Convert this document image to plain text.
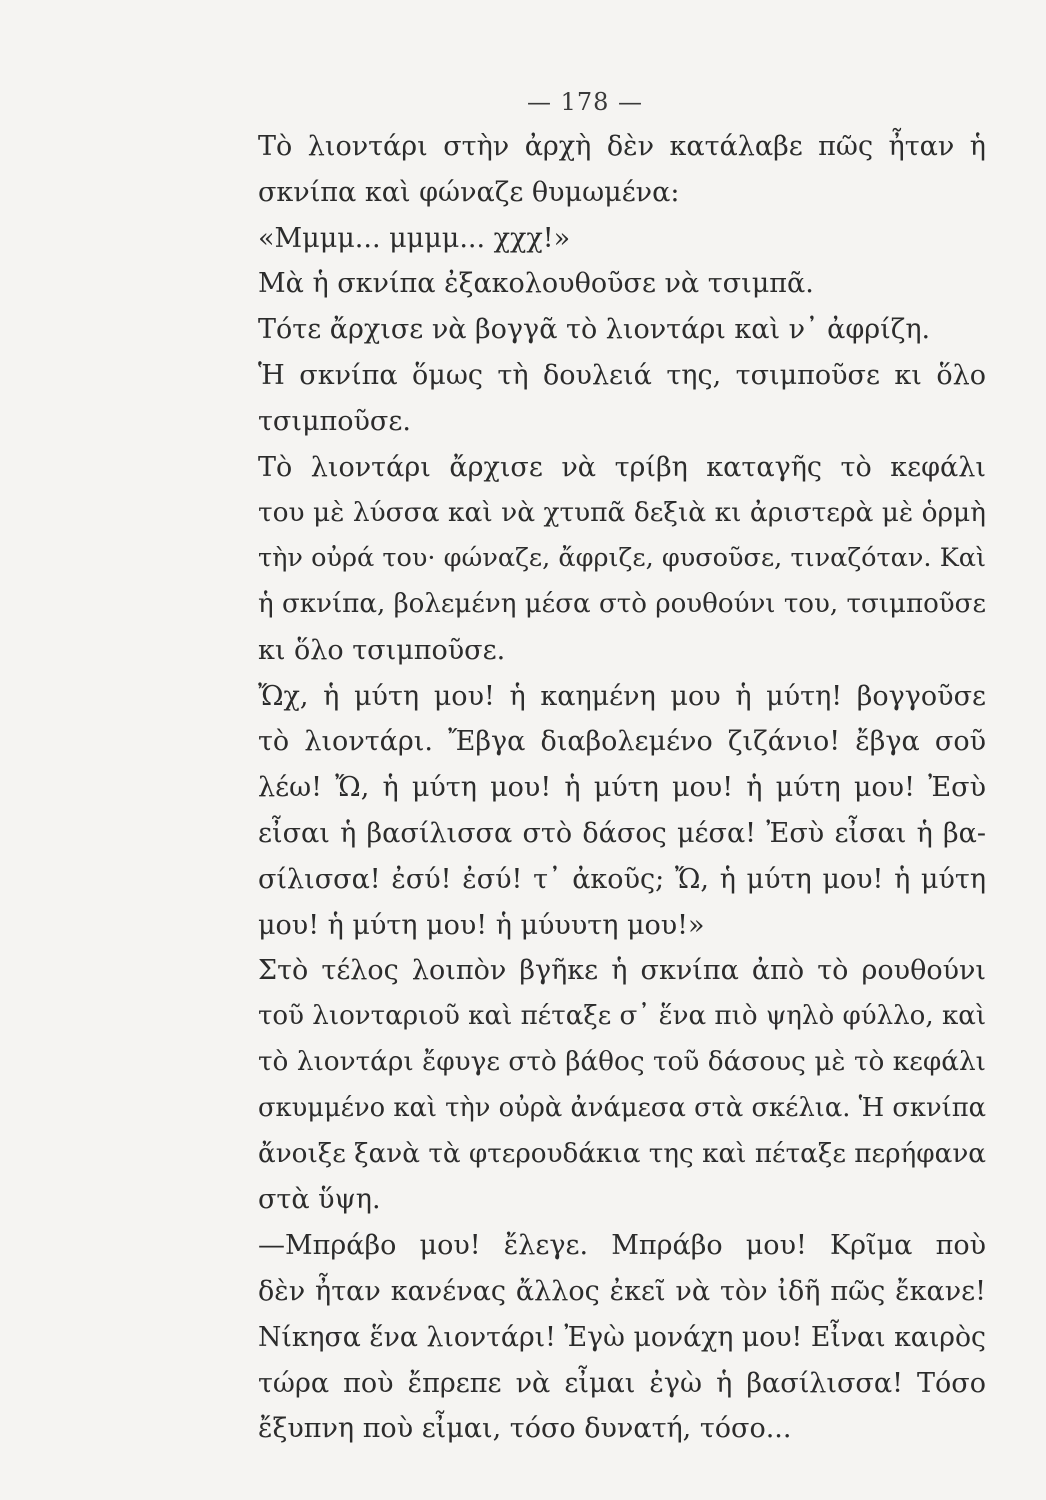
— 178 —
Τὸ λιοντάρι στὴν ἀρχὴ δὲν κατάλαβε πῶς ἦταν ἡ
σκνίπα καὶ φώναζε θυμωμένα:
«Μμμμ... μμμμ... χχχ!»
Μὰ ἡ σκνίπα ἐξακολουθοῦσε νὰ τσιμπᾶ.
Τότε ἄρχισε νὰ βογγᾶ τὸ λιοντάρι καὶ ν᾽ ἀφρίζη.
Ἡ σκνίπα ὅμως τὴ δουλειά της, τσιμποῦσε κι ὅλο
τσιμποῦσε.
Τὸ λιοντάρι ἄρχισε νὰ τρίβη καταγῆς τὸ κεφάλι
του μὲ λύσσα καὶ νὰ χτυπᾶ δεξιὰ κι ἀριστερὰ μὲ ὁρμὴ
τὴν οὐρά του· φώναζε, ἄφριζε, φυσοῦσε, τιναζόταν. Καὶ
ἡ σκνίπα, βολεμένη μέσα στὸ ρουθούνι του, τσιμποῦσε
κι ὅλο τσιμποῦσε.
Ὤχ, ἡ μύτη μου! ἡ καημένη μου ἡ μύτη! βογγοῦσε
τὸ λιοντάρι. Ἔβγα διαβολεμένο ζιζάνιο! ἔβγα σοῦ
λέω! Ὤ, ἡ μύτη μου! ἡ μύτη μου! ἡ μύτη μου! Ἐσὺ
εἶσαι ἡ βασίλισσα στὸ δάσος μέσα! Ἐσὺ εἶσαι ἡ βα-
σίλισσα! ἐσύ! ἐσύ! τ᾽ ἀκοῦς; Ὤ, ἡ μύτη μου! ἡ μύτη
μου! ἡ μύτη μου! ἡ μύυυτη μου!»
Στὸ τέλος λοιπὸν βγῆκε ἡ σκνίπα ἀπὸ τὸ ρουθούνι
τοῦ λιονταριοῦ καὶ πέταξε σ᾽ ἕνα πιὸ ψηλὸ φύλλο, καὶ
τὸ λιοντάρι ἔφυγε στὸ βάθος τοῦ δάσους μὲ τὸ κεφάλι
σκυμμένο καὶ τὴν οὐρὰ ἀνάμεσα στὰ σκέλια. Ἡ σκνίπα
ἄνοιξε ξανὰ τὰ φτερουδάκια της καὶ πέταξε περήφανα
στὰ ὕψη.
—Μπράβο μου! ἔλεγε. Μπράβο μου! Κρῖμα ποὺ
δὲν ἦταν κανένας ἄλλος ἐκεῖ νὰ τὸν ἰδῆ πῶς ἔκανε!
Νίκησα ἕνα λιοντάρι! Ἐγὼ μονάχη μου! Εἶναι καιρὸς
τώρα ποὺ ἔπρεπε νὰ εἶμαι ἐγὼ ἡ βασίλισσα! Τόσο
ἔξυπνη ποὺ εἶμαι, τόσο δυνατή, τόσο...
